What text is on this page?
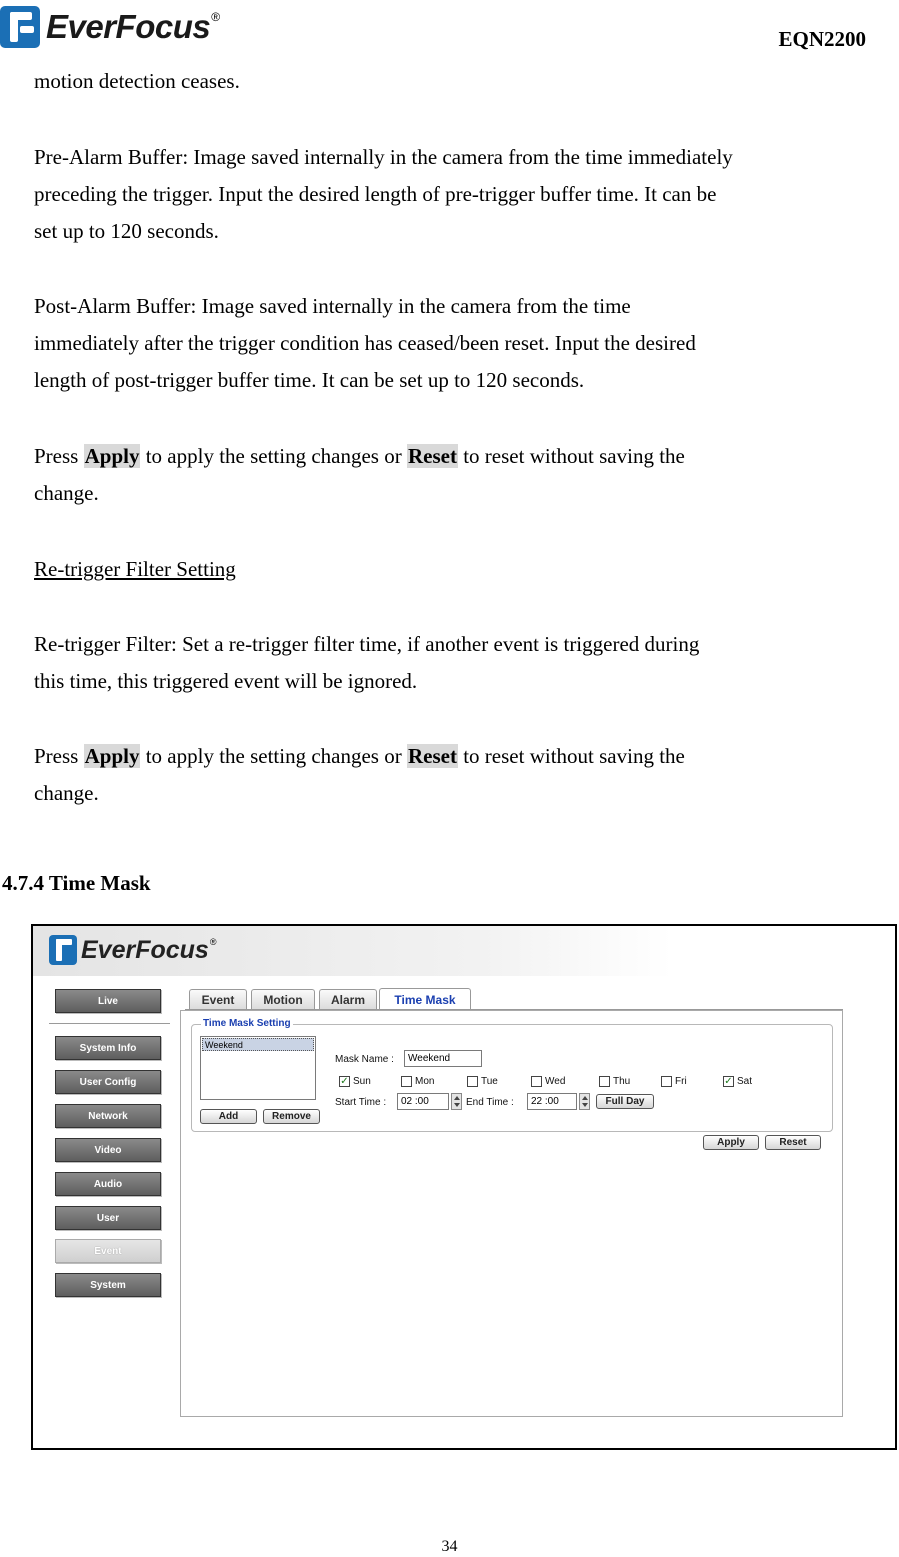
EverFocus ®
EQN2200
motion detection ceases.
Pre-Alarm Buffer: Image saved internally in the camera from the time immediately
preceding the trigger. Input the desired length of pre-trigger buffer time. It can be
set up to 120 seconds.
Post-Alarm Buffer: Image saved internally in the camera from the time
immediately after the trigger condition has ceased/been reset. Input the desired
length of post-trigger buffer time. It can be set up to 120 seconds.
Press Apply to apply the setting changes or Reset to reset without saving the
change.
Re-trigger Filter Setting
Re-trigger Filter: Set a re-trigger filter time, if another event is triggered during
this time, this triggered event will be ignored.
Press Apply to apply the setting changes or Reset to reset without saving the
change.
4.7.4 Time Mask
EverFocus ®
Live
System Info
User Config
Network
Video
Audio
User
Event
System
Event	Motion	Alarm	Time Mask
Time Mask Setting
Weekend
Add	Remove
Mask Name :	Weekend
✓ Sun	Mon	Tue	Wed	Thu	Fri	✓ Sat
Start Time :	02 :00	End Time :	22 :00	Full Day
Apply	Reset
34
